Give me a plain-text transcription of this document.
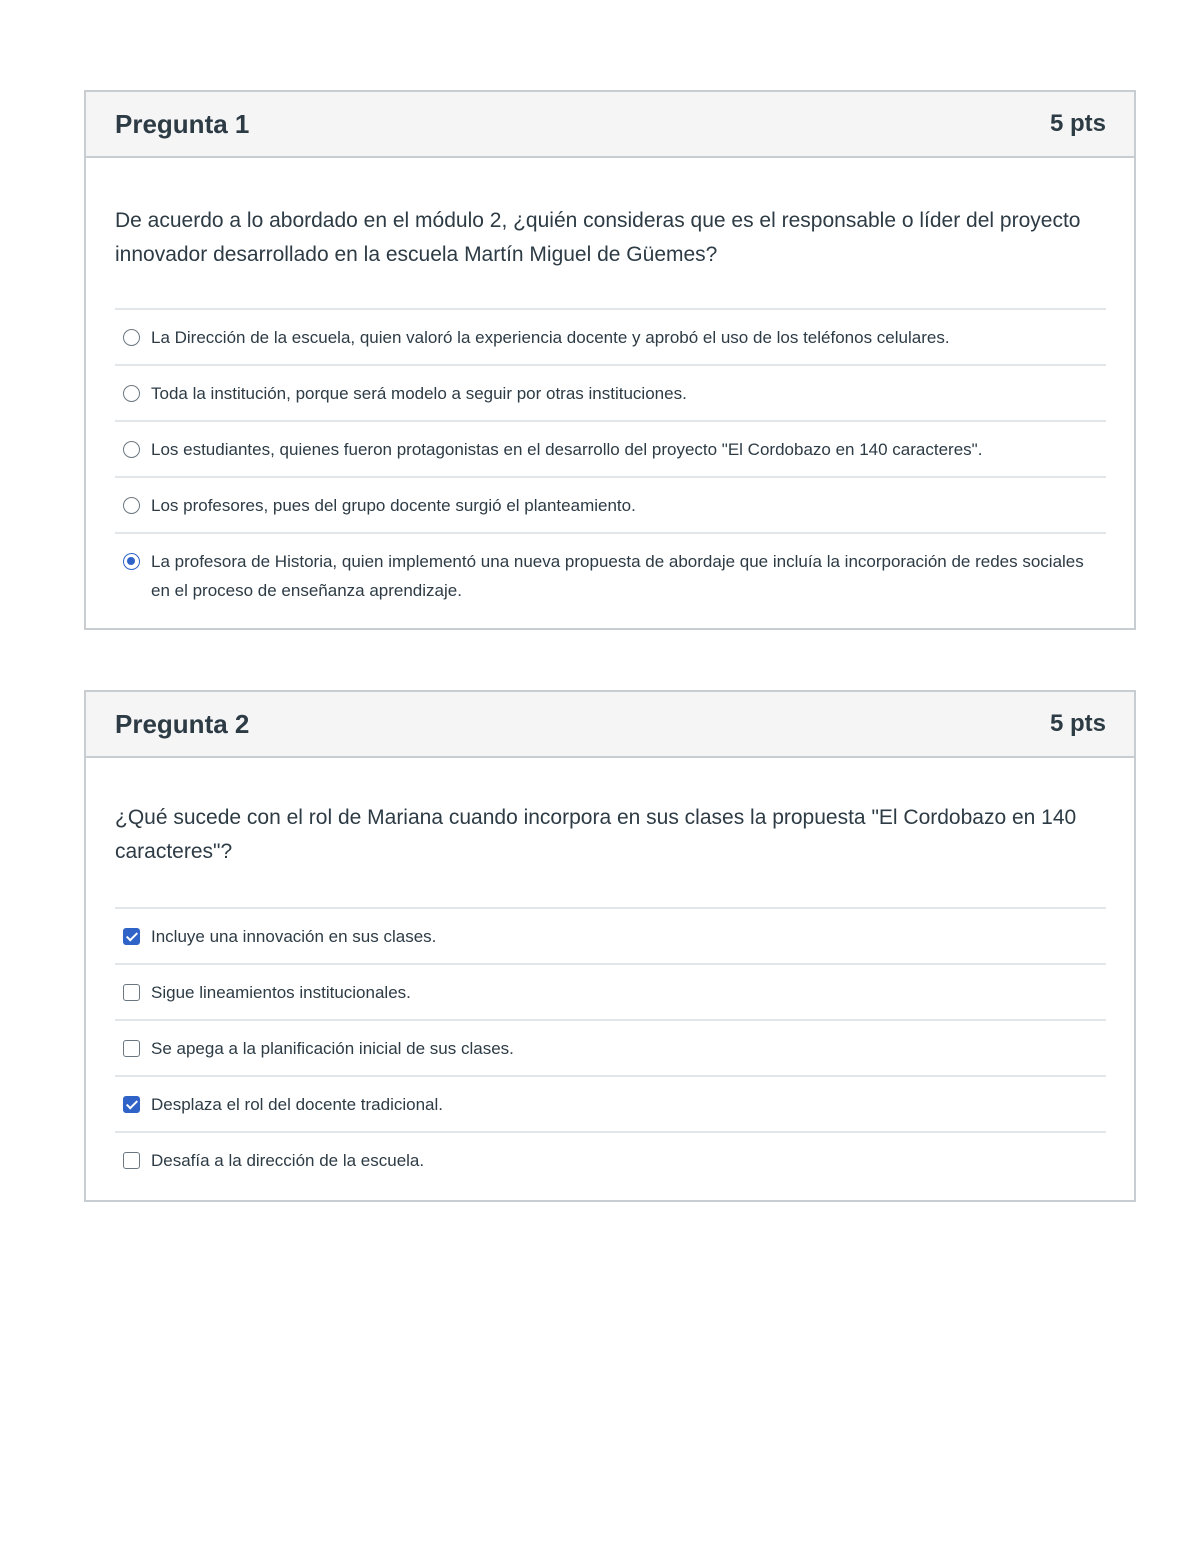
Pregunta 1	5 pts

De acuerdo a lo abordado en el módulo 2, ¿quién consideras que es el responsable o líder del proyecto innovador desarrollado en la escuela Martín Miguel de Güemes?

La Dirección de la escuela, quien valoró la experiencia docente y aprobó el uso de los teléfonos celulares.
Toda la institución, porque será modelo a seguir por otras instituciones.
Los estudiantes, quienes fueron protagonistas en el desarrollo del proyecto "El Cordobazo en 140 caracteres".
Los profesores, pues del grupo docente surgió el planteamiento.
La profesora de Historia, quien implementó una nueva propuesta de abordaje que incluía la incorporación de redes sociales en el proceso de enseñanza aprendizaje.
Pregunta 2	5 pts

¿Qué sucede con el rol de Mariana cuando incorpora en sus clases la propuesta "El Cordobazo en 140 caracteres"?

Incluye una innovación en sus clases.
Sigue lineamientos institucionales.
Se apega a la planificación inicial de sus clases.
Desplaza el rol del docente tradicional.
Desafía a la dirección de la escuela.
